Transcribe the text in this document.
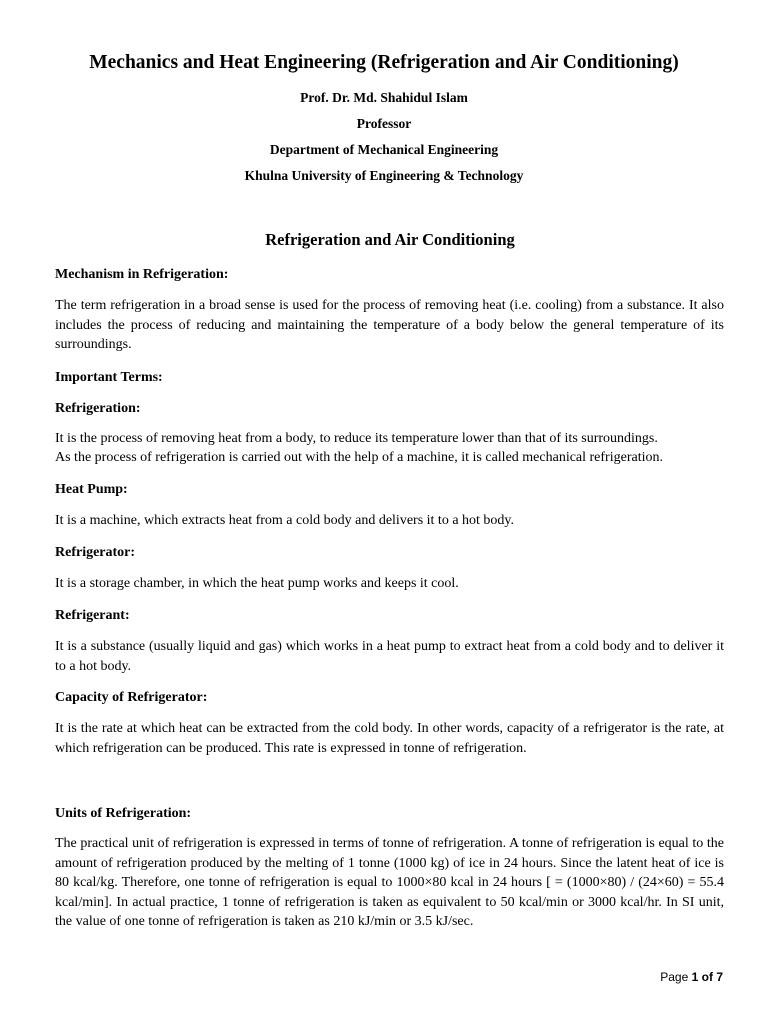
Mechanics and Heat Engineering (Refrigeration and Air Conditioning)

Prof. Dr. Md. Shahidul Islam

Professor

Department of Mechanical Engineering

Khulna University of Engineering & Technology

Refrigeration and Air Conditioning
Mechanism in Refrigeration:

The term refrigeration in a broad sense is used for the process of removing heat (i.e. cooling) from a substance. It also includes the process of reducing and maintaining the temperature of a body below the general temperature of its surroundings.

Important Terms:
Refrigeration:

It is the process of removing heat from a body, to reduce its temperature lower than that of its surroundings.

As the process of refrigeration is carried out with the help of a machine, it is called mechanical refrigeration.

Heat Pump:

It is a machine, which extracts heat from a cold body and delivers it to a hot body.

Refrigerator:

It is a storage chamber, in which the heat pump works and keeps it cool.

Refrigerant:

It is a substance (usually liquid and gas) which works in a heat pump to extract heat from a cold body and to deliver it to a hot body.

Capacity of Refrigerator:

It is the rate at which heat can be extracted from the cold body. In other words, capacity of a refrigerator is the rate, at which refrigeration can be produced. This rate is expressed in tonne of refrigeration.

Units of Refrigeration:

The practical unit of refrigeration is expressed in terms of tonne of refrigeration. A tonne of refrigeration is equal to the amount of refrigeration produced by the melting of 1 tonne (1000 kg) of ice in 24 hours. Since the latent heat of ice is 80 kcal/kg. Therefore, one tonne of refrigeration is equal to 1000×80 kcal in 24 hours [ = (1000×80) / (24×60) = 55.4 kcal/min]. In actual practice, 1 tonne of refrigeration is taken as equivalent to 50 kcal/min or 3000 kcal/hr. In SI unit, the value of one tonne of refrigeration is taken as 210 kJ/min or 3.5 kJ/sec.

Page 1 of 7
